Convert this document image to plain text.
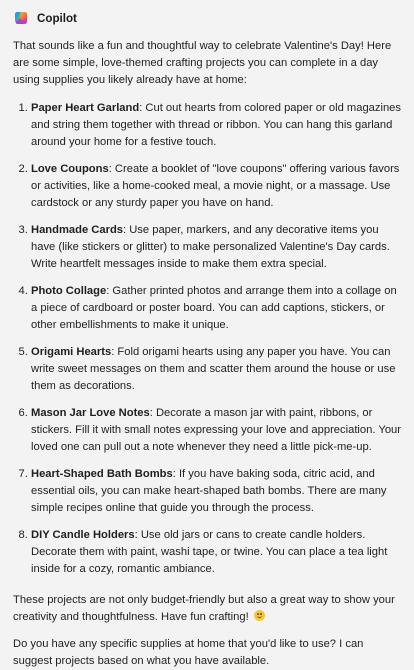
Copilot

That sounds like a fun and thoughtful way to celebrate Valentine's Day! Here are some simple, love-themed crafting projects you can complete in a day using supplies you likely already have at home:

1. Paper Heart Garland: Cut out hearts from colored paper or old magazines and string them together with thread or ribbon. You can hang this garland around your home for a festive touch.
2. Love Coupons: Create a booklet of "love coupons" offering various favors or activities, like a home-cooked meal, a movie night, or a massage. Use cardstock or any sturdy paper you have on hand.
3. Handmade Cards: Use paper, markers, and any decorative items you have (like stickers or glitter) to make personalized Valentine's Day cards. Write heartfelt messages inside to make them extra special.
4. Photo Collage: Gather printed photos and arrange them into a collage on a piece of cardboard or poster board. You can add captions, stickers, or other embellishments to make it unique.
5. Origami Hearts: Fold origami hearts using any paper you have. You can write sweet messages on them and scatter them around the house or use them as decorations.
6. Mason Jar Love Notes: Decorate a mason jar with paint, ribbons, or stickers. Fill it with small notes expressing your love and appreciation. Your loved one can pull out a note whenever they need a little pick-me-up.
7. Heart-Shaped Bath Bombs: If you have baking soda, citric acid, and essential oils, you can make heart-shaped bath bombs. There are many simple recipes online that guide you through the process.
8. DIY Candle Holders: Use old jars or cans to create candle holders. Decorate them with paint, washi tape, or twine. You can place a tea light inside for a cozy, romantic ambiance.

These projects are not only budget-friendly but also a great way to show your creativity and thoughtfulness. Have fun crafting!

Do you have any specific supplies at home that you'd like to use? I can suggest projects based on what you have available.
